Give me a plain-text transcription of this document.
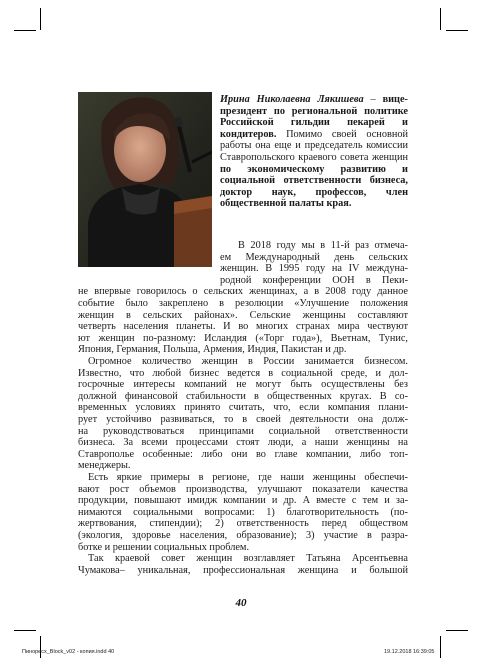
Ирина Николаевна Лякишева – вице-президент по региональной политике Российской гильдии пекарей и кондитеров. Помимо своей основной работы она еще и председатель комиссии Ставропольского краевого совета женщин по экономическому развитию и социальной ответственности бизнеса, доктор наук, профессов, член общественной палаты края.
В 2018 году мы в 11-й раз отмеча-
ем Международный день сельских
женщин. В 1995 году на IV междуна-
родной конференции ООН в Пеки-
не впервые говорилось о сельских женщинах, а в 2008 году данное
событие было закреплено в резолюции «Улучшение положения
женщин в сельских районах». Сельские женщины составляют
четверть населения планеты. И во многих странах мира чествуют
ют женщин по-разному: Исландия («Торг года»), Вьетнам, Тунис,
Япония, Германия, Польша, Армения, Индия, Пакистан и др.
Огромное количество женщин в России занимается бизнесом.
Известно, что любой бизнес ведется в социальной среде, и дол-
госрочные интересы компаний не могут быть осуществлены без
должной финансовой стабильности в общественных кругах. В со-
временных условиях принято считать, что, если компания плани-
рует устойчиво развиваться, то в своей деятельности она долж-
на руководствоваться принципами социальной ответственности
бизнеса. За всеми процессами стоят люди, а наши женщины на
Ставрополье особенные: либо они во главе компании, либо топ-
менеджеры.
Есть яркие примеры в регионе, где наши женщины обеспечи-
вают рост объемов производства, улучшают показатели качества
продукции, повышают имидж компании и др. А вместе с тем и за-
нимаются социальными вопросами: 1) благотворительность (по-
жертвования, стипендии); 2) ответственность перед обществом
(экология, здоровье населения, образование); 3) участие в разра-
ботке и решении социальных проблем.
Так краевой совет женщин возглавляет Татьяна Арсентьевна
Чумакова– уникальная, профессиональная женщина и большой
40
Пиноресх_Block_v02 - копия.indd 40	19.12.2018 16:39:05
